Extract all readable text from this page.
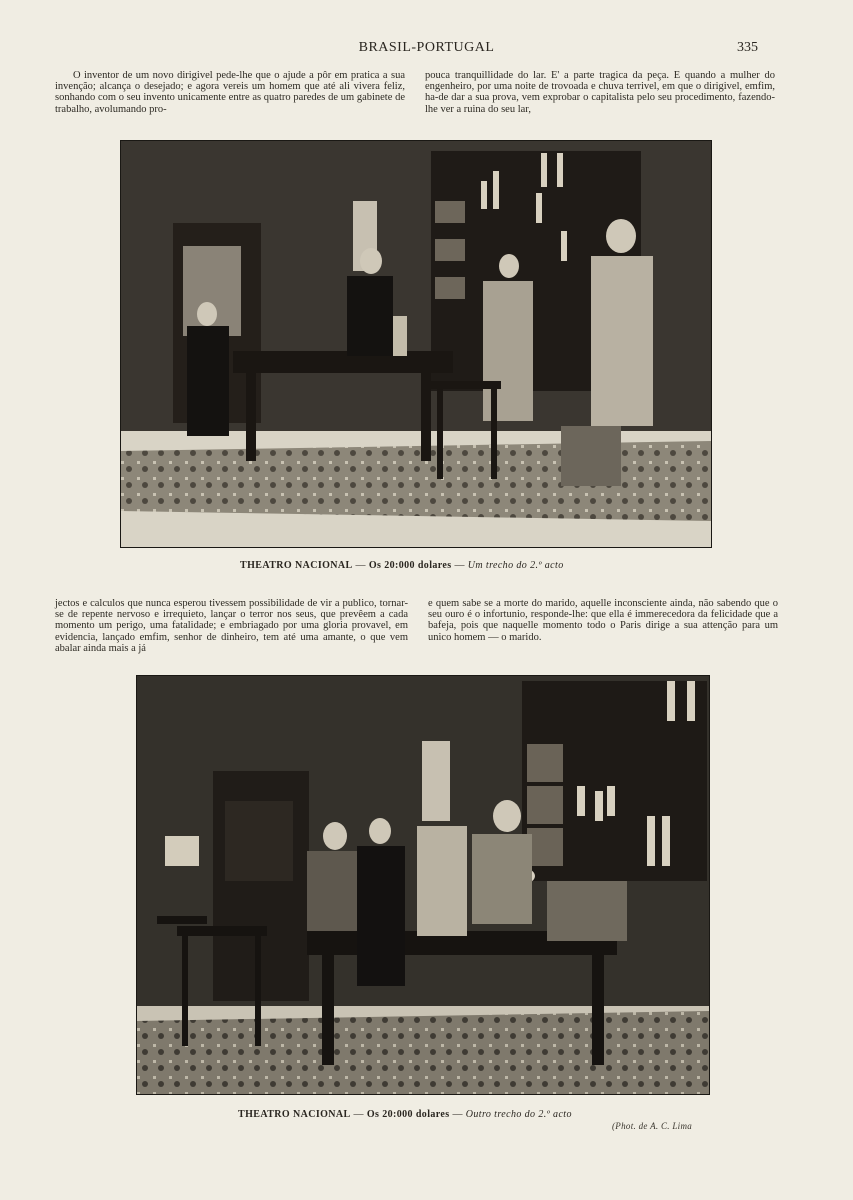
BRASIL-PORTUGAL	335

O inventor de um novo dirigivel pede-lhe que o ajude a pôr em pratica a sua invenção; alcança o desejado; e agora vereis um homem que até ali vivera feliz, sonhando com o seu invento unicamente entre as quatro paredes de um gabinete de trabalho, avolumando pro-

pouca tranquillidade do lar. E' a parte tragica da peça. E quando a mulher do engenheiro, por uma noite de trovoada e chuva terrivel, em que o dirigivel, emfim, ha-de dar a sua prova, vem exprobar o capitalista pelo seu procedimento, fazendo-lhe ver a ruina do seu lar,

THEATRO NACIONAL — Os 20:000 dolares — Um trecho do 2.º acto

jectos e calculos que nunca esperou tivessem possibilidade de vir a publico, tornar-se de repente nervoso e irrequieto, lançar o terror nos seus, que prevêem a cada momento um perigo, uma fatalidade; e embriagado por uma gloria provavel, em evidencia, lançado emfim, senhor de dinheiro, tem até uma amante, o que vem abalar ainda mais a já

e quem sabe se a morte do marido, aquelle inconsciente ainda, não sabendo que o seu ouro é o infortunio, responde-lhe: que ella é immerecedora da felicidade que a bafeja, pois que naquelle momento todo o Paris dirige a sua attenção para um unico homem — o marido.

THEATRO NACIONAL — Os 20:000 dolares — Outro trecho do 2.º acto
(Phot. de A. C. Lima
